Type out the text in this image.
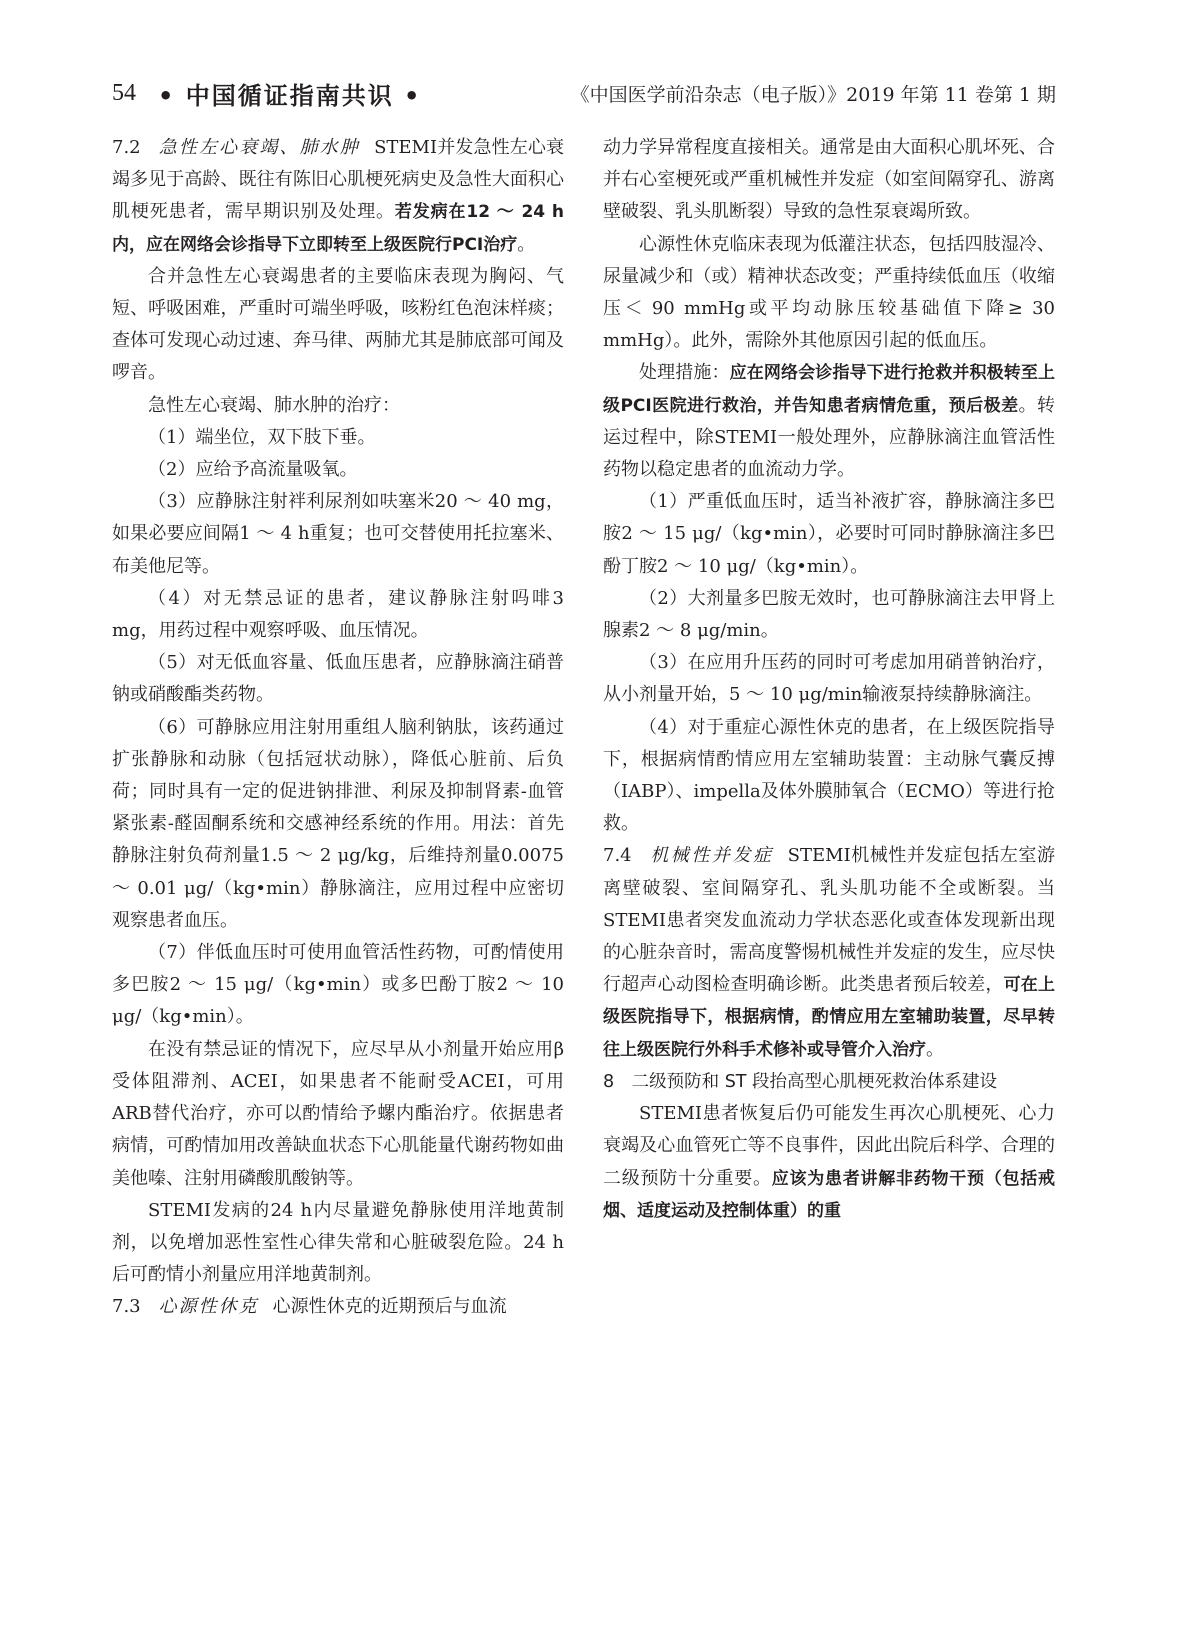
54 • 中国循证指南共识 •	《中国医学前沿杂志（电子版）》2019 年第 11 卷第 1 期

7.2 急性左心衰竭、肺水肿 STEMI并发急性左心衰竭多见于高龄、既往有陈旧心肌梗死病史及急性大面积心肌梗死患者，需早期识别及处理。若发病在12 ～ 24 h内，应在网络会诊指导下立即转至上级医院行PCI治疗。

合并急性左心衰竭患者的主要临床表现为胸闷、气短、呼吸困难，严重时可端坐呼吸，咳粉红色泡沫样痰；查体可发现心动过速、奔马律、两肺尤其是肺底部可闻及啰音。

急性左心衰竭、肺水肿的治疗：

（1）端坐位，双下肢下垂。

（2）应给予高流量吸氧。

（3）应静脉注射袢利尿剂如呋塞米20 ～ 40 mg，如果必要应间隔1 ～ 4 h重复；也可交替使用托拉塞米、布美他尼等。

（4）对无禁忌证的患者，建议静脉注射吗啡3 mg，用药过程中观察呼吸、血压情况。

（5）对无低血容量、低血压患者，应静脉滴注硝普钠或硝酸酯类药物。

（6）可静脉应用注射用重组人脑利钠肽，该药通过扩张静脉和动脉（包括冠状动脉），降低心脏前、后负荷；同时具有一定的促进钠排泄、利尿及抑制肾素-血管紧张素-醛固酮系统和交感神经系统的作用。用法：首先静脉注射负荷剂量1.5 ～ 2 μg/kg，后维持剂量0.0075 ～ 0.01 μg/（kg•min）静脉滴注，应用过程中应密切观察患者血压。

（7）伴低血压时可使用血管活性药物，可酌情使用多巴胺2 ～ 15 μg/（kg•min）或多巴酚丁胺2 ～ 10 μg/（kg•min）。

在没有禁忌证的情况下，应尽早从小剂量开始应用β受体阻滞剂、ACEI，如果患者不能耐受ACEI，可用ARB替代治疗，亦可以酌情给予螺内酯治疗。依据患者病情，可酌情加用改善缺血状态下心肌能量代谢药物如曲美他嗪、注射用磷酸肌酸钠等。

STEMI发病的24 h内尽量避免静脉使用洋地黄制剂，以免增加恶性室性心律失常和心脏破裂危险。24 h后可酌情小剂量应用洋地黄制剂。

7.3 心源性休克 心源性休克的近期预后与血流

动力学异常程度直接相关。通常是由大面积心肌坏死、合并右心室梗死或严重机械性并发症（如室间隔穿孔、游离壁破裂、乳头肌断裂）导致的急性泵衰竭所致。

心源性休克临床表现为低灌注状态，包括四肢湿冷、尿量减少和（或）精神状态改变；严重持续低血压（收缩压＜ 90 mmHg或平均动脉压较基础值下降≥ 30 mmHg）。此外，需除外其他原因引起的低血压。

处理措施：应在网络会诊指导下进行抢救并积极转至上级PCI医院进行救治，并告知患者病情危重，预后极差。转运过程中，除STEMI一般处理外，应静脉滴注血管活性药物以稳定患者的血流动力学。

（1）严重低血压时，适当补液扩容，静脉滴注多巴胺2 ～ 15 μg/（kg•min），必要时可同时静脉滴注多巴酚丁胺2 ～ 10 μg/（kg•min）。

（2）大剂量多巴胺无效时，也可静脉滴注去甲肾上腺素2 ～ 8 μg/min。

（3）在应用升压药的同时可考虑加用硝普钠治疗，从小剂量开始，5 ～ 10 μg/min输液泵持续静脉滴注。

（4）对于重症心源性休克的患者，在上级医院指导下，根据病情酌情应用左室辅助装置：主动脉气囊反搏（IABP）、impella及体外膜肺氧合（ECMO）等进行抢救。

7.4 机械性并发症 STEMI机械性并发症包括左室游离壁破裂、室间隔穿孔、乳头肌功能不全或断裂。当STEMI患者突发血流动力学状态恶化或查体发现新出现的心脏杂音时，需高度警惕机械性并发症的发生，应尽快行超声心动图检查明确诊断。此类患者预后较差，可在上级医院指导下，根据病情，酌情应用左室辅助装置，尽早转往上级医院行外科手术修补或导管介入治疗。

8　二级预防和 ST 段抬高型心肌梗死救治体系建设

STEMI患者恢复后仍可能发生再次心肌梗死、心力衰竭及心血管死亡等不良事件，因此出院后科学、合理的二级预防十分重要。应该为患者讲解非药物干预（包括戒烟、适度运动及控制体重）的重
